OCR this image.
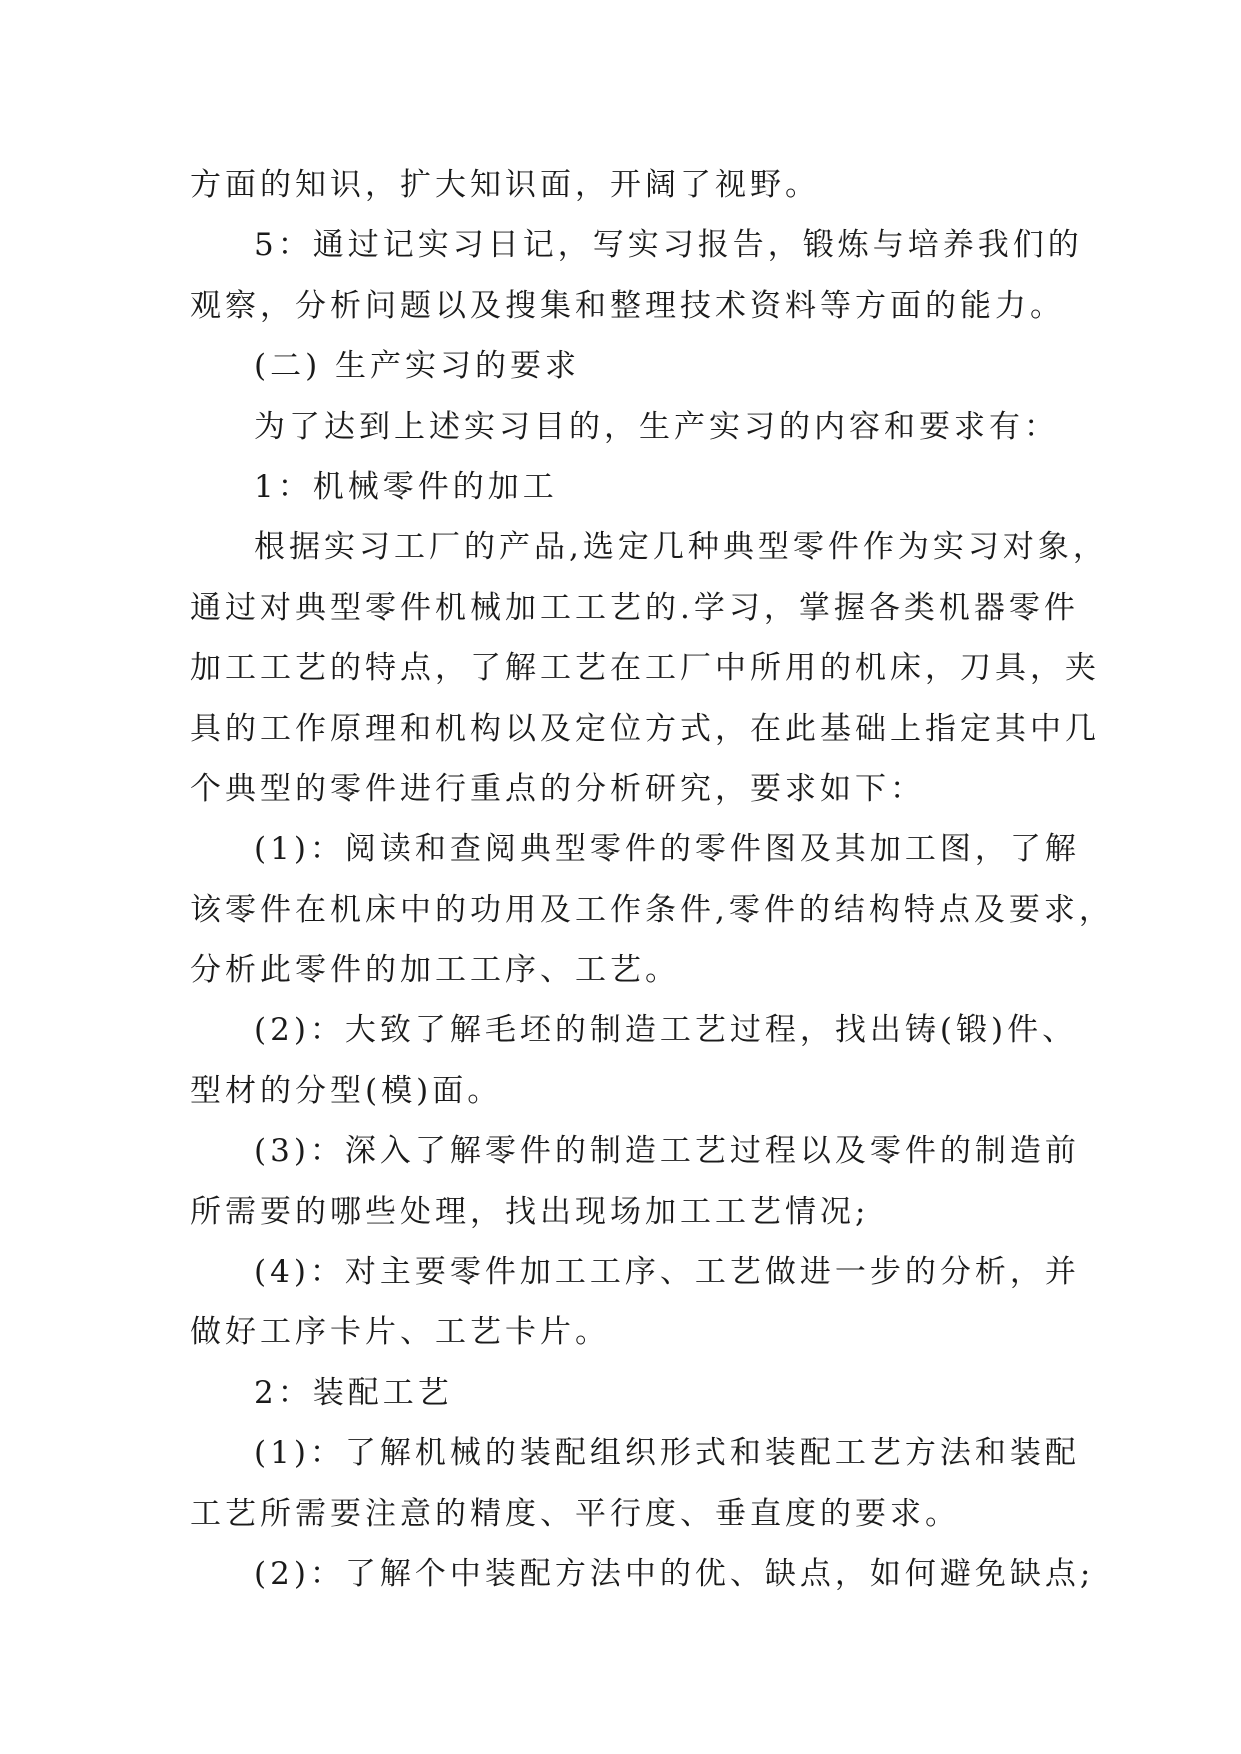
方面的知识，扩大知识面，开阔了视野。
5：通过记实习日记，写实习报告，锻炼与培养我们的
观察，分析问题以及搜集和整理技术资料等方面的能力。
(二) 生产实习的要求
为了达到上述实习目的，生产实习的内容和要求有：
1：机械零件的加工
根据实习工厂的产品,选定几种典型零件作为实习对象，
通过对典型零件机械加工工艺的.学习，掌握各类机器零件
加工工艺的特点，了解工艺在工厂中所用的机床，刀具，夹
具的工作原理和机构以及定位方式，在此基础上指定其中几
个典型的零件进行重点的分析研究，要求如下：
(1)：阅读和查阅典型零件的零件图及其加工图，了解
该零件在机床中的功用及工作条件,零件的结构特点及要求，
分析此零件的加工工序、工艺。
(2)：大致了解毛坯的制造工艺过程，找出铸(锻)件、
型材的分型(模)面。
(3)：深入了解零件的制造工艺过程以及零件的制造前
所需要的哪些处理，找出现场加工工艺情况;
(4)：对主要零件加工工序、工艺做进一步的分析，并
做好工序卡片、工艺卡片。
2：装配工艺
(1)：了解机械的装配组织形式和装配工艺方法和装配
工艺所需要注意的精度、平行度、垂直度的要求。
(2)：了解个中装配方法中的优、缺点，如何避免缺点;
